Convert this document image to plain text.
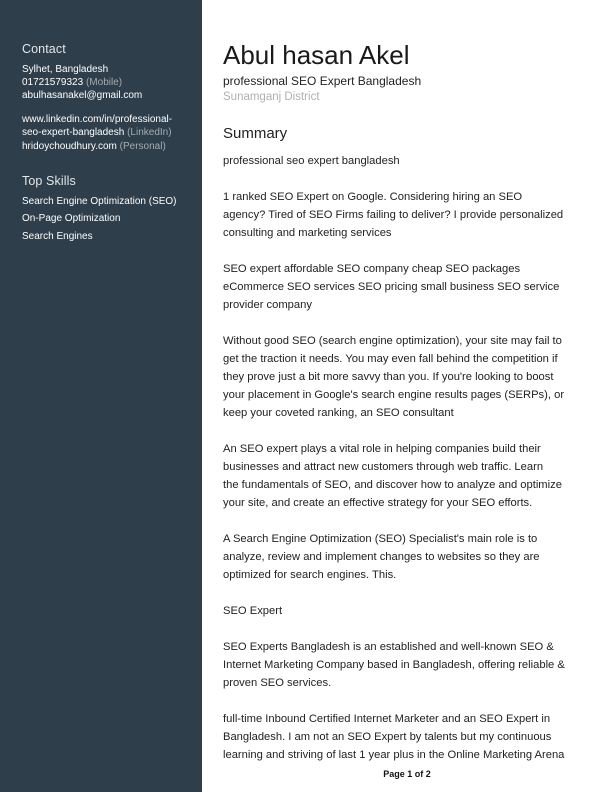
Contact
Sylhet, Bangladesh
01721579323 (Mobile)
abulhasanakel@gmail.com
www.linkedin.com/in/professional-
seo-expert-bangladesh (LinkedIn)
hridoychoudhury.com (Personal)
Top Skills
Search Engine Optimization (SEO)
On-Page Optimization
Search Engines
Abul hasan Akel
professional SEO Expert Bangladesh
Sunamganj District
Summary

professional seo expert bangladesh

1 ranked SEO Expert on Google. Considering hiring an SEO
agency? Tired of SEO Firms failing to deliver? I provide personalized
consulting and marketing services

SEO expert affordable SEO company cheap SEO packages
eCommerce SEO services SEO pricing small business SEO service
provider company

Without good SEO (search engine optimization), your site may fail to
get the traction it needs. You may even fall behind the competition if
they prove just a bit more savvy than you. If you're looking to boost
your placement in Google's search engine results pages (SERPs), or
keep your coveted ranking, an SEO consultant

An SEO expert plays a vital role in helping companies build their
businesses and attract new customers through web traffic. Learn
the fundamentals of SEO, and discover how to analyze and optimize
your site, and create an effective strategy for your SEO efforts.

A Search Engine Optimization (SEO) Specialist's main role is to
analyze, review and implement changes to websites so they are
optimized for search engines. This.

SEO Expert

SEO Experts Bangladesh is an established and well-known SEO &
Internet Marketing Company based in Bangladesh, offering reliable &
proven SEO services.

full-time Inbound Certified Internet Marketer and an SEO Expert in
Bangladesh. I am not an SEO Expert by talents but my continuous
learning and striving of last 1 year plus in the Online Marketing Arena

Page 1 of 2
